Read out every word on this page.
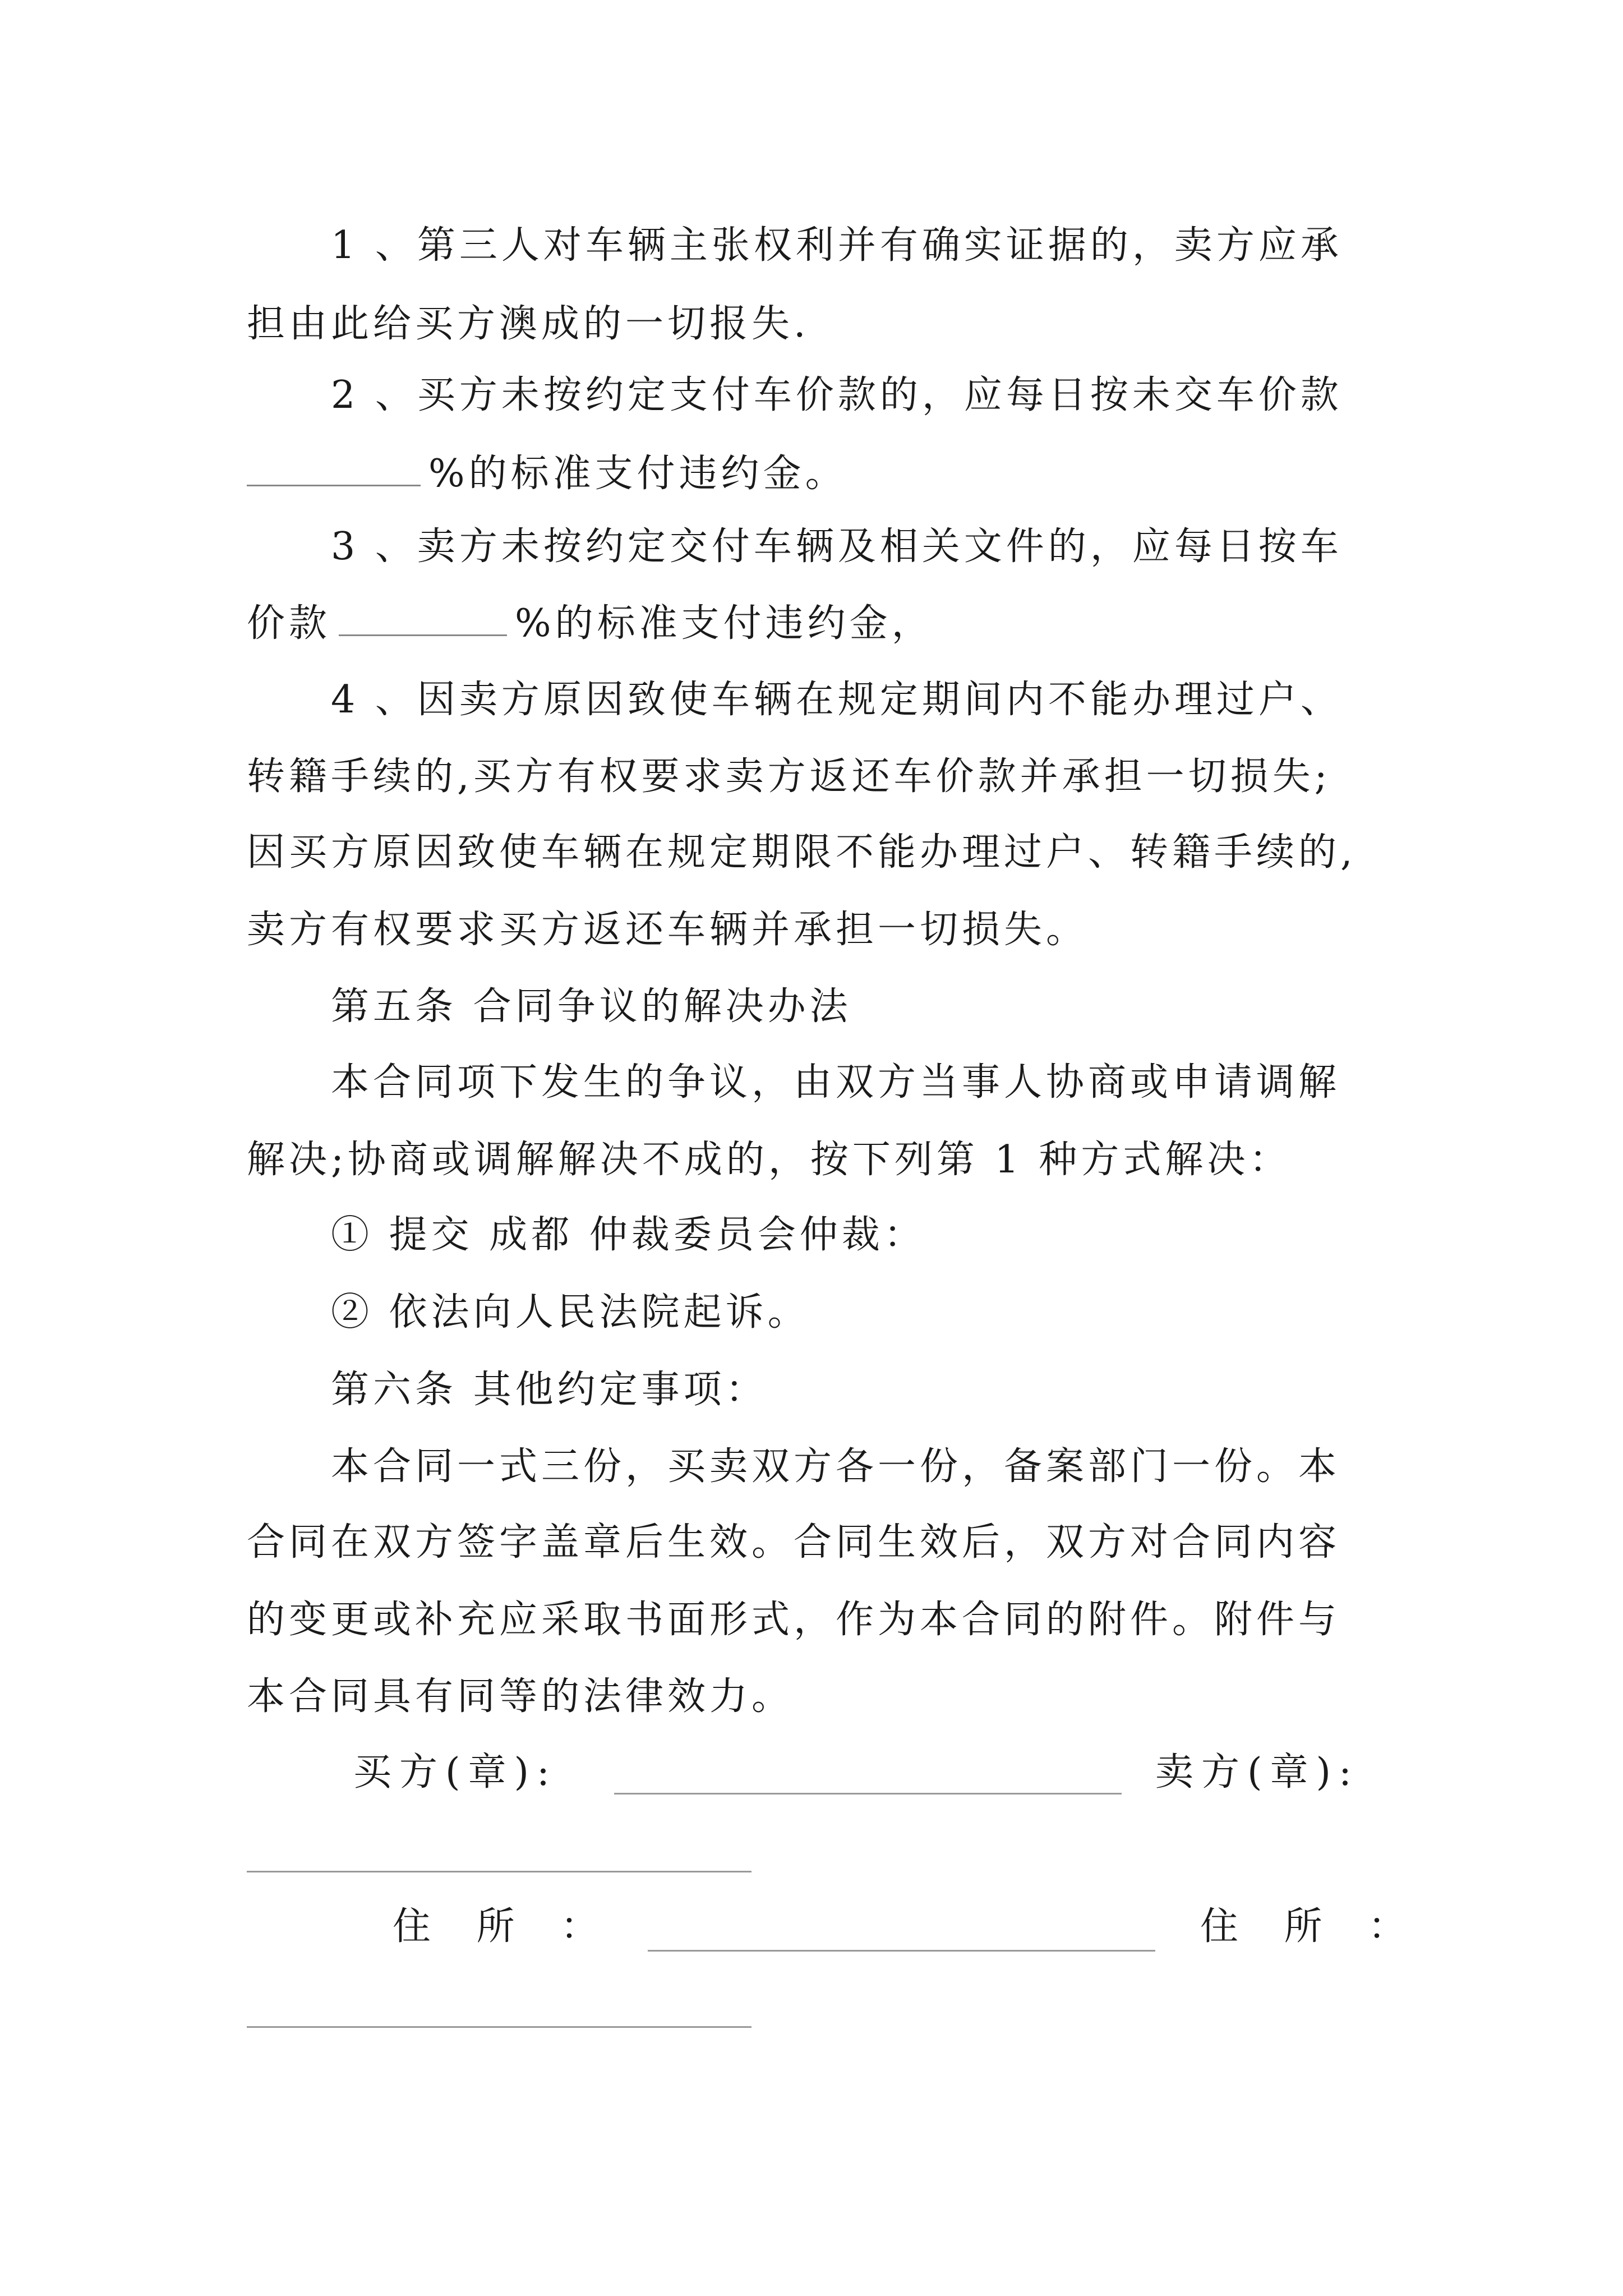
1 、第三人对车辆主张权利并有确实证据的，卖方应承
担由此给买方澳成的一切报失.
2 、买方未按约定支付车价款的，应每日按未交车价款
%的标准支付违约金。
3 、卖方未按约定交付车辆及相关文件的，应每日按车
价款	%的标准支付违约金，
4 、因卖方原因致使车辆在规定期间内不能办理过户、
转籍手续的,买方有权要求卖方返还车价款并承担一切损失;
因买方原因致使车辆在规定期限不能办理过户、转籍手续的,
卖方有权要求买方返还车辆并承担一切损失。
第五条 合同争议的解决办法
本合同项下发生的争议，由双方当事人协商或申请调解
解决;协商或调解解决不成的，按下列第 1 种方式解决：
① 提交 成都 仲裁委员会仲裁：
② 依法向人民法院起诉。
第六条 其他约定事项：
本合同一式三份，买卖双方各一份，备案部门一份。本
合同在双方签字盖章后生效。合同生效后，双方对合同内容
的变更或补充应采取书面形式，作为本合同的附件。附件与
本合同具有同等的法律效力。
买方(章):	卖方(章):
住 所 ：	住 所 ：
